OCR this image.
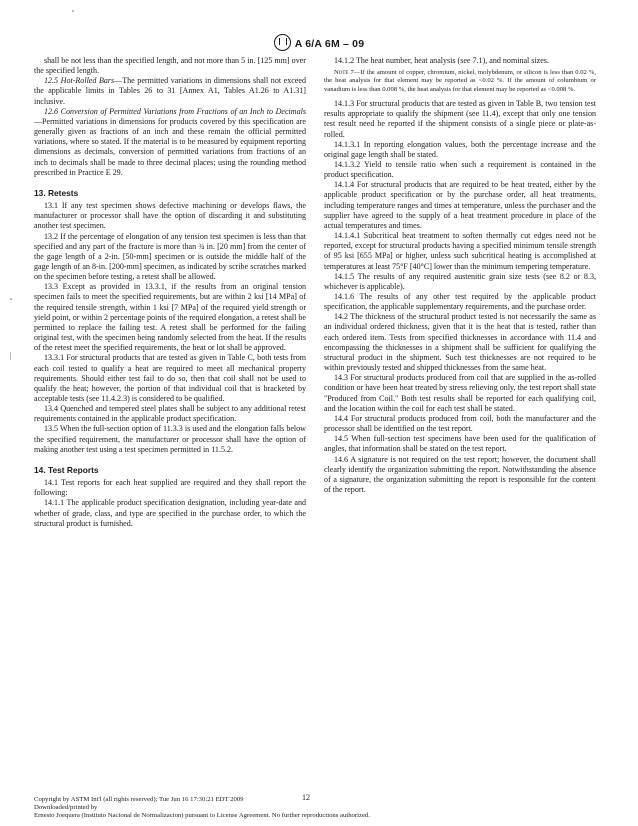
A 6/A 6M – 09

shall be not less than the specified length, and not more than 5 in. [125 mm] over the specified length.

12.5 Hot-Rolled Bars—The permitted variations in dimensions shall not exceed the applicable limits in Tables 26 to 31 [Annex A1, Tables A1.26 to A1.31] inclusive.

12.6 Conversion of Permitted Variations from Fractions of an Inch to Decimals—Permitted variations in dimensions for products covered by this specification are generally given as fractions of an inch and these remain the official permitted variations, where so stated. If the material is to be measured by equipment reporting dimensions as decimals, conversion of permitted variations from fractions of an inch to decimals shall be made to three decimal places; using the rounding method prescribed in Practice E 29.

13. Retests

13.1 If any test specimen shows defective machining or develops flaws, the manufacturer or processor shall have the option of discarding it and substituting another test specimen.

13.2 If the percentage of elongation of any tension test specimen is less than that specified and any part of the fracture is more than ¾ in. [20 mm] from the center of the gage length of a 2-in. [50-mm] specimen or is outside the middle half of the gage length of an 8-in. [200-mm] specimen, as indicated by scribe scratches marked on the specimen before testing, a retest shall be allowed.

13.3 Except as provided in 13.3.1, if the results from an original tension specimen fails to meet the specified requirements, but are within 2 ksi [14 MPa] of the required tensile strength, within 1 ksi [7 MPa] of the required yield strength or yield point, or within 2 percentage points of the required elongation, a retest shall be permitted to replace the failing test. A retest shall be performed for the failing original test, with the specimen being randomly selected from the heat. If the results of the retest meet the specified requirements, the heat or lot shall be approved.

13.3.1 For structural products that are tested as given in Table C, both tests from each coil tested to qualify a heat are required to meet all mechanical property requirements. Should either test fail to do so, then that coil shall not be used to qualify the heat; however, the portion of that individual coil that is bracketed by acceptable tests (see 11.4.2.3) is considered to be qualified.

13.4 Quenched and tempered steel plates shall be subject to any additional retest requirements contained in the applicable product specification.

13.5 When the full-section option of 11.3.3 is used and the elongation falls below the specified requirement, the manufacturer or processor shall have the option of making another test using a test specimen permitted in 11.5.2.

14. Test Reports

14.1 Test reports for each heat supplied are required and they shall report the following:

14.1.1 The applicable product specification designation, including year-date and whether of grade, class, and type are specified in the purchase order, to which the structural product is furnished.

14.1.2 The heat number, heat analysis (see 7.1), and nominal sizes.

Note 7—If the amount of copper, chromium, nickel, molybdenum, or silicon is less than 0.02 %, the heat analysis for that element may be reported as <0.02 %. If the amount of columbium or vanadium is less than 0.008 %, the heat analysis for that element may be reported as <0.008 %.

14.1.3 For structural products that are tested as given in Table B, two tension test results appropriate to qualify the shipment (see 11.4), except that only one tension test result need be reported if the shipment consists of a single piece or plate-as-rolled.

14.1.3.1 In reporting elongation values, both the percentage increase and the original gage length shall be stated.

14.1.3.2 Yield to tensile ratio when such a requirement is contained in the product specification.

14.1.4 For structural products that are required to be heat treated, either by the applicable product specification or by the purchase order, all heat treatments, including temperature ranges and times at temperature, unless the purchaser and the supplier have agreed to the supply of a heat treatment procedure in place of the actual temperatures and times.

14.1.4.1 Subcritical heat treatment to soften thermally cut edges need not be reported, except for structural products having a specified minimum tensile strength of 95 ksi [655 MPa] or higher, unless such subcritical heating is accomplished at temperatures at least 75°F [40°C] lower than the minimum tempering temperature.

14.1.5 The results of any required austenitic grain size tests (see 8.2 or 8.3, whichever is applicable).

14.1.6 The results of any other test required by the applicable product specification, the applicable supplementary requirements, and the purchase order.

14.2 The thickness of the structural product tested is not necessarily the same as an individual ordered thickness, given that it is the heat that is tested, rather than each ordered item. Tests from specified thicknesses in accordance with 11.4 and encompassing the thicknesses in a shipment shall be sufficient for qualifying the structural product in the shipment. Such test thicknesses are not required to be within previously tested and shipped thicknesses from the same heat.

14.3 For structural products produced from coil that are supplied in the as-rolled condition or have been heat treated by stress relieving only, the test report shall state "Produced from Coil." Both test results shall be reported for each qualifying coil, and the location within the coil for each test shall be stated.

14.4 For structural products produced from coil, both the manufacturer and the processor shall be identified on the test report.

14.5 When full-section test specimens have been used for the qualification of angles, that information shall be stated on the test report.

14.6 A signature is not required on the test report; however, the document shall clearly identify the organization submitting the report. Notwithstanding the absence of a signature, the organization submitting the report is responsible for the content of the report.

12
Copyright by ASTM Int'l (all rights reserved); Tue Jun 16 17:30:21 EDT 2009
Downloaded/printed by
Ernesto Joequera (Instituto Nacional de Normalizacion) pursuant to License Agreement. No further reproductions authorized.
